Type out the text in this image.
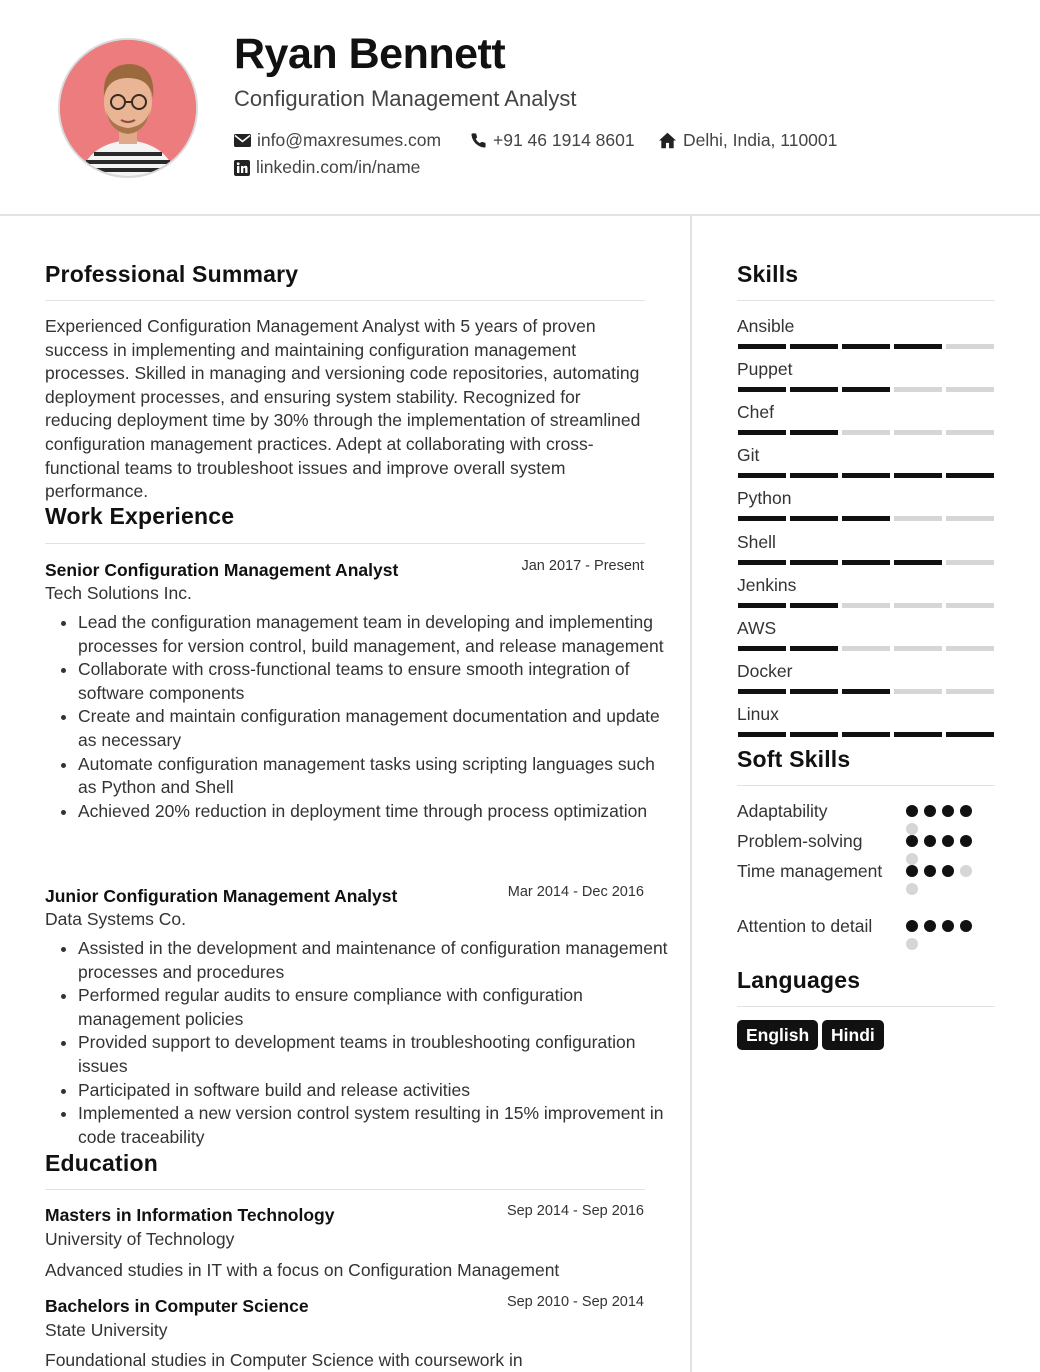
Ryan Bennett
Configuration Management Analyst
info@maxresumes.com	+91 46 1914 8601	Delhi, India, 110001
linkedin.com/in/name
Professional Summary
Experienced Configuration Management Analyst with 5 years of proven success in implementing and maintaining configuration management processes. Skilled in managing and versioning code repositories, automating deployment processes, and ensuring system stability. Recognized for reducing deployment time by 30% through the implementation of streamlined configuration management practices. Adept at collaborating with cross-functional teams to troubleshoot issues and improve overall system performance.
Work Experience
Senior Configuration Management Analyst	Jan 2017 - Present
Tech Solutions Inc.
• Lead the configuration management team in developing and implementing processes for version control, build management, and release management
• Collaborate with cross-functional teams to ensure smooth integration of software components
• Create and maintain configuration management documentation and update as necessary
• Automate configuration management tasks using scripting languages such as Python and Shell
• Achieved 20% reduction in deployment time through process optimization
Junior Configuration Management Analyst	Mar 2014 - Dec 2016
Data Systems Co.
• Assisted in the development and maintenance of configuration management processes and procedures
• Performed regular audits to ensure compliance with configuration management policies
• Provided support to development teams in troubleshooting configuration issues
• Participated in software build and release activities
• Implemented a new version control system resulting in 15% improvement in code traceability
Education
Masters in Information Technology	Sep 2014 - Sep 2016
University of Technology
Advanced studies in IT with a focus on Configuration Management
Bachelors in Computer Science	Sep 2010 - Sep 2014
State University
Foundational studies in Computer Science with coursework in
Skills
Ansible
Puppet
Chef
Git
Python
Shell
Jenkins
AWS
Docker
Linux
Soft Skills
Adaptability
Problem-solving
Time management
Attention to detail
Languages
English	Hindi
